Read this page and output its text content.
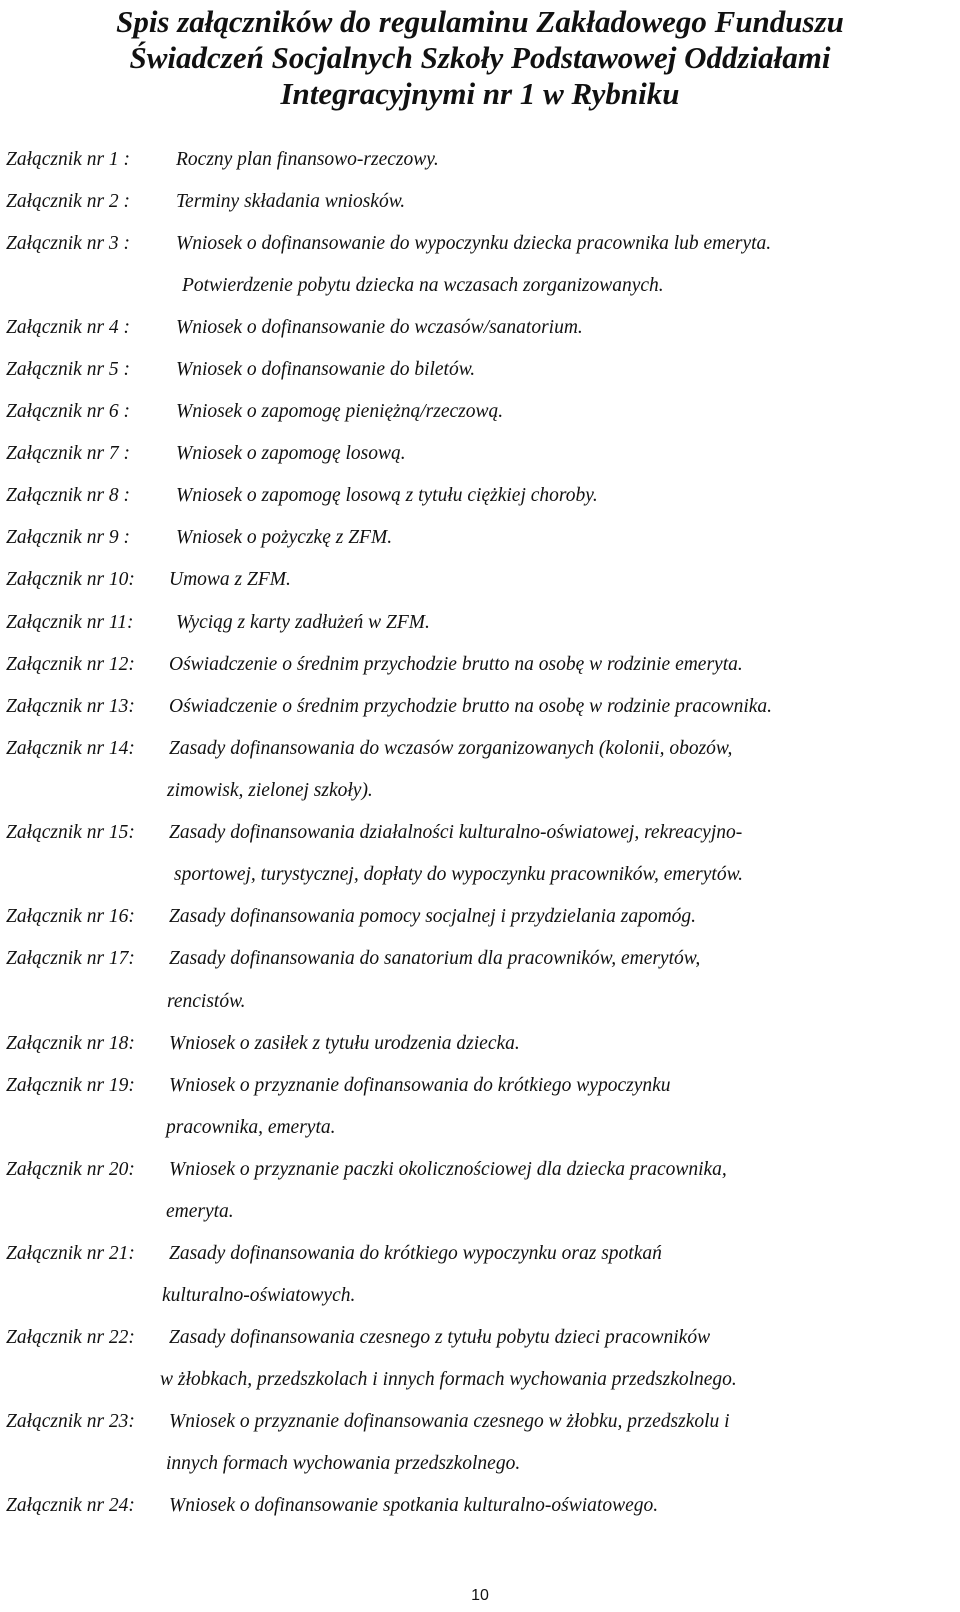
Spis załączników do regulaminu Zakładowego Funduszu
Świadczeń Socjalnych Szkoły Podstawowej Oddziałami
Integracyjnymi nr 1 w Rybniku
Załącznik nr 1 : Roczny plan finansowo-rzeczowy.
Załącznik nr 2 : Terminy składania wniosków.
Załącznik nr 3 : Wniosek o dofinansowanie do wypoczynku dziecka pracownika lub emeryta.
Potwierdzenie pobytu dziecka na wczasach zorganizowanych.
Załącznik nr 4 : Wniosek o dofinansowanie do wczasów/sanatorium.
Załącznik nr 5 : Wniosek o dofinansowanie do biletów.
Załącznik nr 6 : Wniosek o zapomogę pieniężną/rzeczową.
Załącznik nr 7 : Wniosek o zapomogę losową.
Załącznik nr 8 : Wniosek o zapomogę losową z tytułu ciężkiej choroby.
Załącznik nr 9 : Wniosek o pożyczkę z ZFM.
Załącznik nr 10: Umowa z ZFM.
Załącznik nr 11: Wyciąg z karty zadłużeń w ZFM.
Załącznik nr 12: Oświadczenie o średnim przychodzie brutto na osobę w rodzinie emeryta.
Załącznik nr 13: Oświadczenie o średnim przychodzie brutto na osobę w rodzinie pracownika.
Załącznik nr 14: Zasady dofinansowania do wczasów zorganizowanych (kolonii, obozów,
zimowisk, zielonej szkoły).
Załącznik nr 15: Zasady dofinansowania działalności kulturalno-oświatowej, rekreacyjno-
sportowej, turystycznej, dopłaty do wypoczynku pracowników, emerytów.
Załącznik nr 16: Zasady dofinansowania pomocy socjalnej i przydzielania zapomóg.
Załącznik nr 17: Zasady dofinansowania do sanatorium dla pracowników, emerytów,
rencistów.
Załącznik nr 18: Wniosek o zasiłek z tytułu urodzenia dziecka.
Załącznik nr 19: Wniosek o przyznanie dofinansowania do krótkiego wypoczynku
pracownika, emeryta.
Załącznik nr 20: Wniosek o przyznanie paczki okolicznościowej dla dziecka pracownika,
emeryta.
Załącznik nr 21: Zasady dofinansowania do krótkiego wypoczynku oraz spotkań
kulturalno-oświatowych.
Załącznik nr 22: Zasady dofinansowania czesnego z tytułu pobytu dzieci pracowników
w żłobkach, przedszkolach i innych formach wychowania przedszkolnego.
Załącznik nr 23: Wniosek o przyznanie dofinansowania czesnego w żłobku, przedszkolu i
innych formach wychowania przedszkolnego.
Załącznik nr 24: Wniosek o dofinansowanie spotkania kulturalno-oświatowego.
10
